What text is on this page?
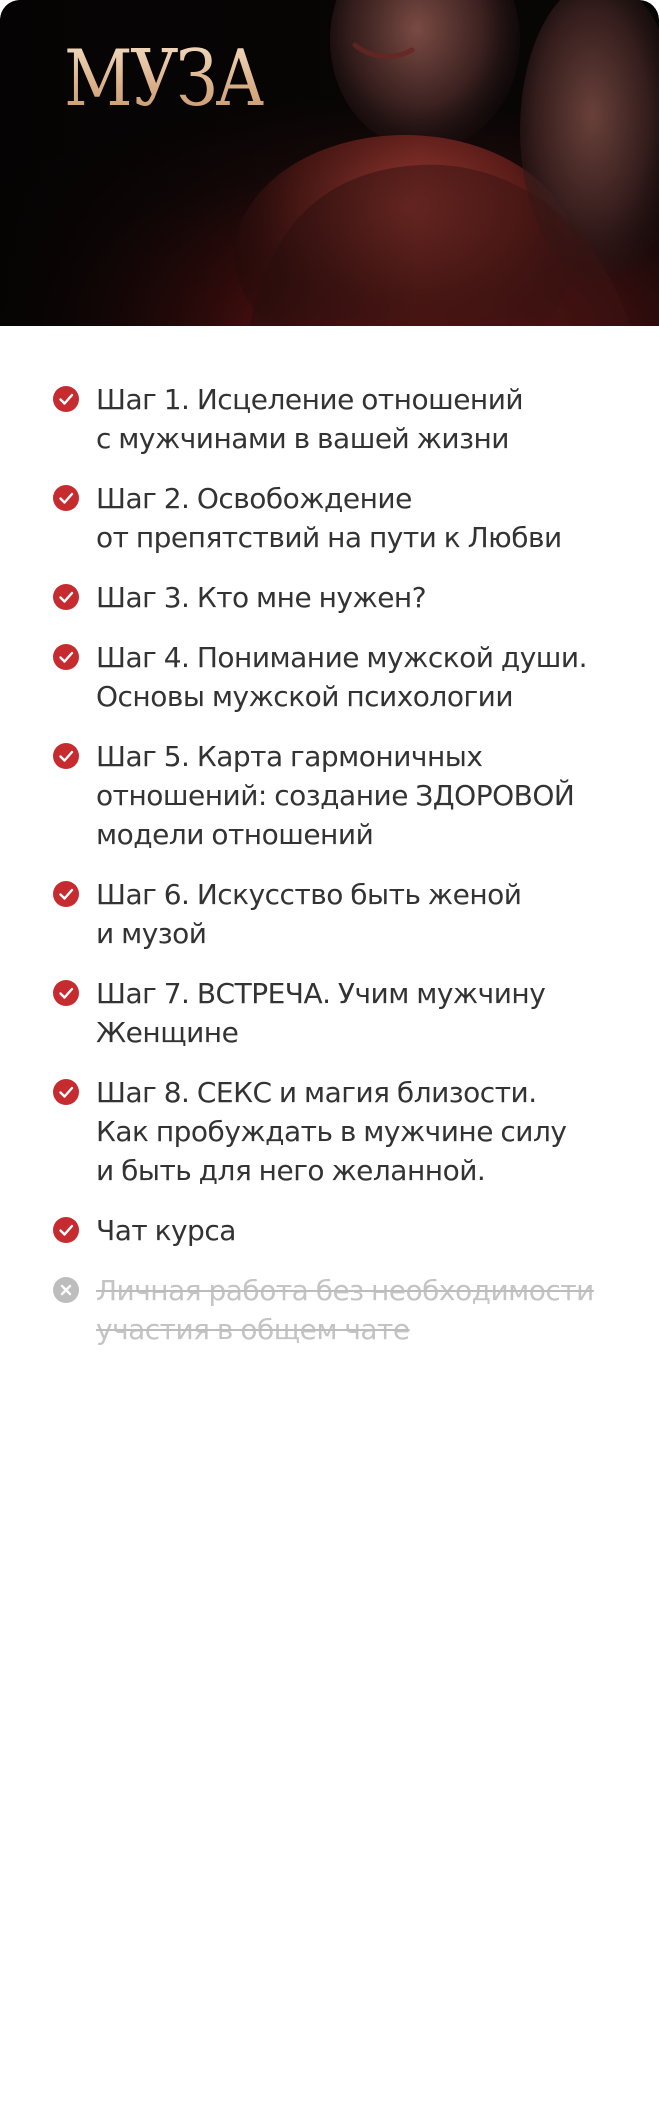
МУЗА
Шаг 1. Исцеление отношений
с мужчинами в вашей жизни
Шаг 2. Освобождение
от препятствий на пути к Любви
Шаг 3. Кто мне нужен?
Шаг 4. Понимание мужской души.
Основы мужской психологии
Шаг 5. Карта гармоничных
отношений: создание ЗДОРОВОЙ
модели отношений
Шаг 6. Искусство быть женой
и музой
Шаг 7. ВСТРЕЧА. Учим мужчину
Женщине
Шаг 8. СЕКС и магия близости.
Как пробуждать в мужчине силу
и быть для него желанной.
Чат курса
Личная работа без необходимости
участия в общем чате
